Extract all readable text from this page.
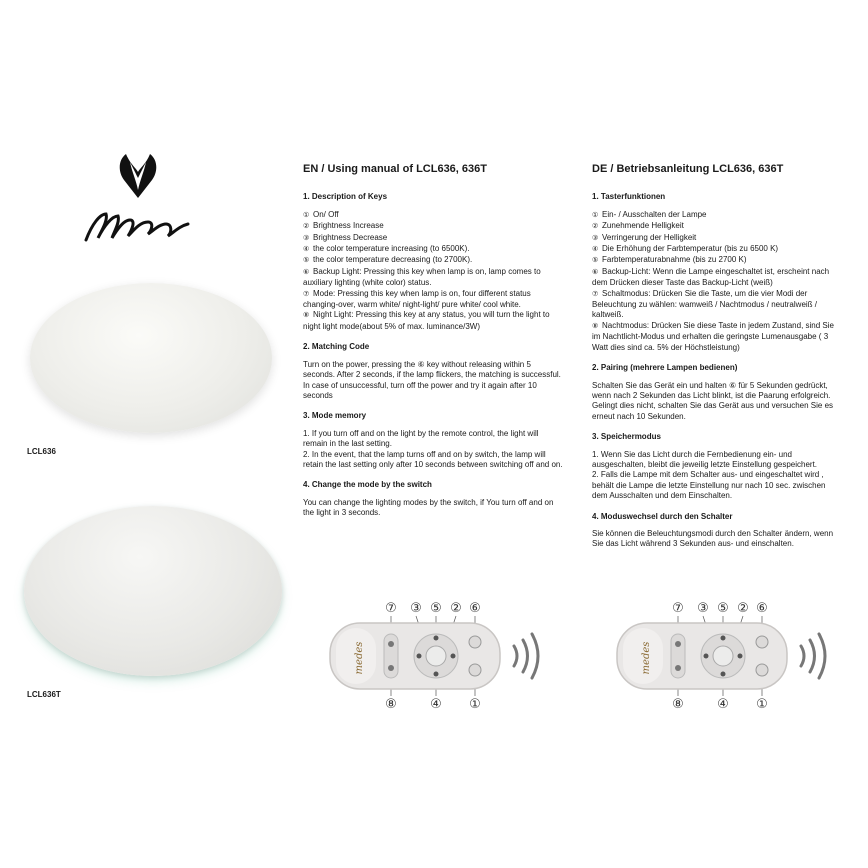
LCL636
LCL636T
EN / Using manual of LCL636, 636T
1. Description of Keys
① On/ Off
② Brightness Increase
③ Brightness Decrease
④ the color temperature increasing (to 6500K).
⑤ the color temperature decreasing (to 2700K).
⑥ Backup Light: Pressing this key when lamp is on, lamp comes to auxiliary lighting (white color) status.
⑦ Mode: Pressing this key when lamp is on, four different status changing-over, warm white/ night-light/ pure white/ cool white.
⑧ Night Light: Pressing this key at any status, you will turn the light to night light mode(about 5% of max. luminance/3W)
2. Matching Code

Turn on the power, pressing the ⑥ key without releasing within 5 seconds. After 2 seconds, if the lamp flickers, the matching is successful. In case of unsuccessful, turn off the power and try it again after 10 seconds

3. Mode memory

1. If you turn off and on the light by the remote control, the light will remain in the last setting.

2. In the event, that the lamp turns off and on by switch, the lamp will retain the last setting only after 10 seconds between switching off and on.

4. Change the mode by the switch

You can change the lighting modes by the switch, if You turn off and on the light in 3 seconds.

DE / Betriebsanleitung LCL636, 636T
1. Tasterfunktionen
① Ein- / Ausschalten der Lampe
② Zunehmende Helligkeit
③ Verringerung der Helligkeit
④ Die Erhöhung der Farbtemperatur (bis zu 6500 K)
⑤ Farbtemperaturabnahme (bis zu 2700 K)
⑥ Backup-Licht: Wenn die Lampe eingeschaltet ist, erscheint nach dem Drücken dieser Taste das Backup-Licht (weiß)
⑦ Schaltmodus: Drücken Sie die Taste, um die vier Modi der Beleuchtung zu wählen: wamweiß / Nachtmodus / neutralweiß / kaltweiß.
⑧ Nachtmodus: Drücken Sie diese Taste in jedem Zustand, sind Sie im Nachtlicht-Modus und erhalten die geringste Lumenausgabe ( 3 Watt dies sind ca. 5% der Höchstleistung)
2. Pairing (mehrere Lampen bedienen)

Schalten Sie das Gerät ein und halten ⑥ für 5 Sekunden gedrückt, wenn nach 2 Sekunden das Licht blinkt, ist die Paarung erfolgreich. Gelingt dies nicht, schalten Sie das Gerät aus und versuchen Sie es erneut nach 10 Sekunden.

3. Speichermodus

1. Wenn Sie das Licht durch die Fernbedienung ein- und ausgeschalten, bleibt die jeweilig letzte Einstellung gespeichert.

2. Falls die Lampe mit dem Schalter aus- und eingeschaltet wird , behält die Lampe die letzte Einstellung nur nach 10 sec. zwischen dem Ausschalten und dem Einschalten.

4. Moduswechsel durch den Schalter

Sie können die Beleuchtungsmodi durch den Schalter ändern, wenn Sie das Licht während 3 Sekunden aus- und einschalten.

⑦ ③ ⑤ ② ⑥
⑧	④ ①
medes
⑦ ③ ⑤ ② ⑥
⑧	④ ①
medes
